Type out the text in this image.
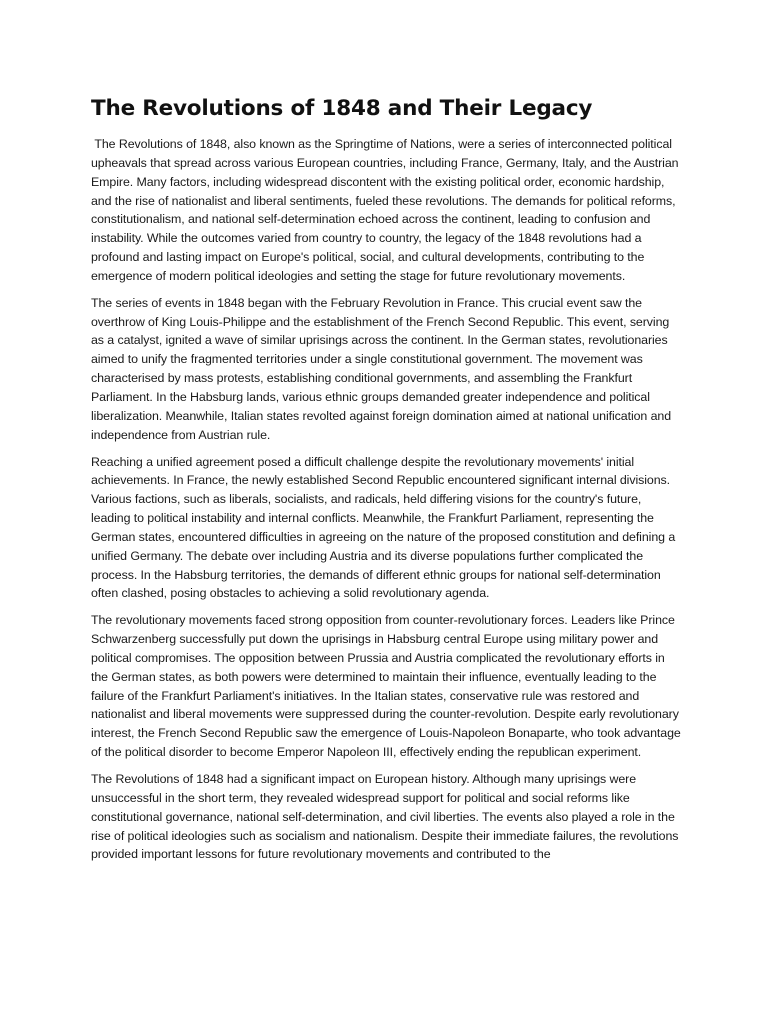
The Revolutions of 1848 and Their Legacy

The Revolutions of 1848, also known as the Springtime of Nations, were a series of interconnected political upheavals that spread across various European countries, including France, Germany, Italy, and the Austrian Empire. Many factors, including widespread discontent with the existing political order, economic hardship, and the rise of nationalist and liberal sentiments, fueled these revolutions. The demands for political reforms, constitutionalism, and national self-determination echoed across the continent, leading to confusion and instability. While the outcomes varied from country to country, the legacy of the 1848 revolutions had a profound and lasting impact on Europe's political, social, and cultural developments, contributing to the emergence of modern political ideologies and setting the stage for future revolutionary movements.

The series of events in 1848 began with the February Revolution in France. This crucial event saw the overthrow of King Louis-Philippe and the establishment of the French Second Republic. This event, serving as a catalyst, ignited a wave of similar uprisings across the continent. In the German states, revolutionaries aimed to unify the fragmented territories under a single constitutional government. The movement was characterised by mass protests, establishing conditional governments, and assembling the Frankfurt Parliament. In the Habsburg lands, various ethnic groups demanded greater independence and political liberalization. Meanwhile, Italian states revolted against foreign domination aimed at national unification and independence from Austrian rule.

Reaching a unified agreement posed a difficult challenge despite the revolutionary movements' initial achievements. In France, the newly established Second Republic encountered significant internal divisions. Various factions, such as liberals, socialists, and radicals, held differing visions for the country's future, leading to political instability and internal conflicts. Meanwhile, the Frankfurt Parliament, representing the German states, encountered difficulties in agreeing on the nature of the proposed constitution and defining a unified Germany. The debate over including Austria and its diverse populations further complicated the process. In the Habsburg territories, the demands of different ethnic groups for national self-determination often clashed, posing obstacles to achieving a solid revolutionary agenda.

The revolutionary movements faced strong opposition from counter-revolutionary forces. Leaders like Prince Schwarzenberg successfully put down the uprisings in Habsburg central Europe using military power and political compromises. The opposition between Prussia and Austria complicated the revolutionary efforts in the German states, as both powers were determined to maintain their influence, eventually leading to the failure of the Frankfurt Parliament's initiatives. In the Italian states, conservative rule was restored and nationalist and liberal movements were suppressed during the counter-revolution. Despite early revolutionary interest, the French Second Republic saw the emergence of Louis-Napoleon Bonaparte, who took advantage of the political disorder to become Emperor Napoleon III, effectively ending the republican experiment.

The Revolutions of 1848 had a significant impact on European history. Although many uprisings were unsuccessful in the short term, they revealed widespread support for political and social reforms like constitutional governance, national self-determination, and civil liberties. The events also played a role in the rise of political ideologies such as socialism and nationalism. Despite their immediate failures, the revolutions provided important lessons for future revolutionary movements and contributed to the
